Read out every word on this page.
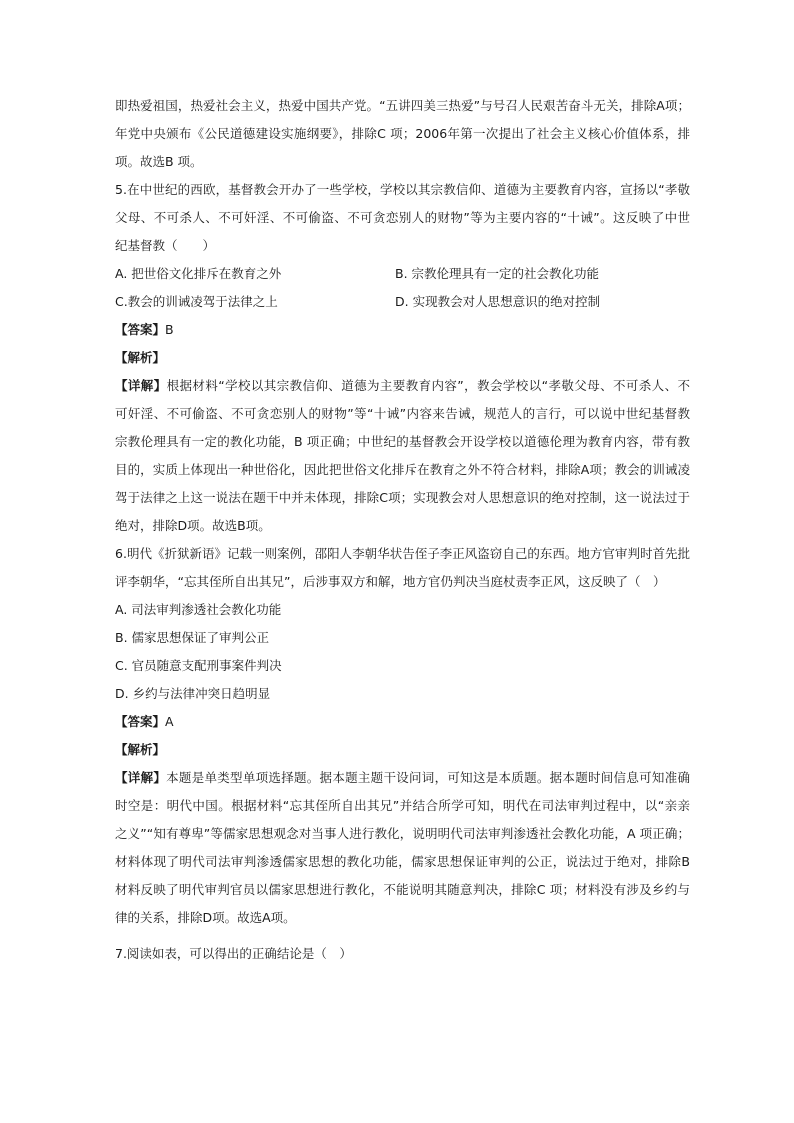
即热爱祖国，热爱社会主义，热爱中国共产党。“五讲四美三热爱”与号召人民艰苦奋斗无关，排除A项；
年党中央颁布《公民道德建设实施纲要》，排除C 项；2006年第一次提出了社会主义核心价值体系，排
项。故选B 项。
5.在中世纪的西欧，基督教会开办了一些学校，学校以其宗教信仰、道德为主要教育内容，宣扬以“孝敬
父母、不可杀人、不可奸淫、不可偷盗、不可贪恋别人的财物”等为主要内容的“十诫”。这反映了中世
纪基督教（　　）
A. 把世俗文化排斥在教育之外	B. 宗教伦理具有一定的社会教化功能
C.教会的训诫凌驾于法律之上	D. 实现教会对人思想意识的绝对控制
【答案】B
【解析】
【详解】根据材料“学校以其宗教信仰、道德为主要教育内容”，教会学校以“孝敬父母、不可杀人、不
可奸淫、不可偷盗、不可贪恋别人的财物”等“十诫”内容来告诫，规范人的言行，可以说中世纪基督教
宗教伦理具有一定的教化功能，B 项正确；中世纪的基督教会开设学校以道德伦理为教育内容，带有教
目的，实质上体现出一种世俗化，因此把世俗文化排斥在教育之外不符合材料，排除A项；教会的训诫凌
驾于法律之上这一说法在题干中并未体现，排除C项；实现教会对人思想意识的绝对控制，这一说法过于
绝对，排除D项。故选B项。
6.明代《折狱新语》记载一则案例，邵阳人李朝华状告侄子李正风盗窃自己的东西。地方官审判时首先批
评李朝华，“忘其侄所自出其兄”，后涉事双方和解，地方官仍判决当庭杖责李正风，这反映了（　）
A. 司法审判渗透社会教化功能
B. 儒家思想保证了审判公正
C. 官员随意支配刑事案件判决
D. 乡约与法律冲突日趋明显
【答案】A
【解析】
【详解】本题是单类型单项选择题。据本题主题干设问词，可知这是本质题。据本题时间信息可知准确
时空是：明代中国。根据材料“忘其侄所自出其兄”并结合所学可知，明代在司法审判过程中，以“亲亲
之义”“知有尊卑”等儒家思想观念对当事人进行教化，说明明代司法审判渗透社会教化功能，A 项正确；
材料体现了明代司法审判渗透儒家思想的教化功能，儒家思想保证审判的公正，说法过于绝对，排除B
材料反映了明代审判官员以儒家思想进行教化，不能说明其随意判决，排除C 项；材料没有涉及乡约与
律的关系，排除D项。故选A项。
7.阅读如表，可以得出的正确结论是（　）
